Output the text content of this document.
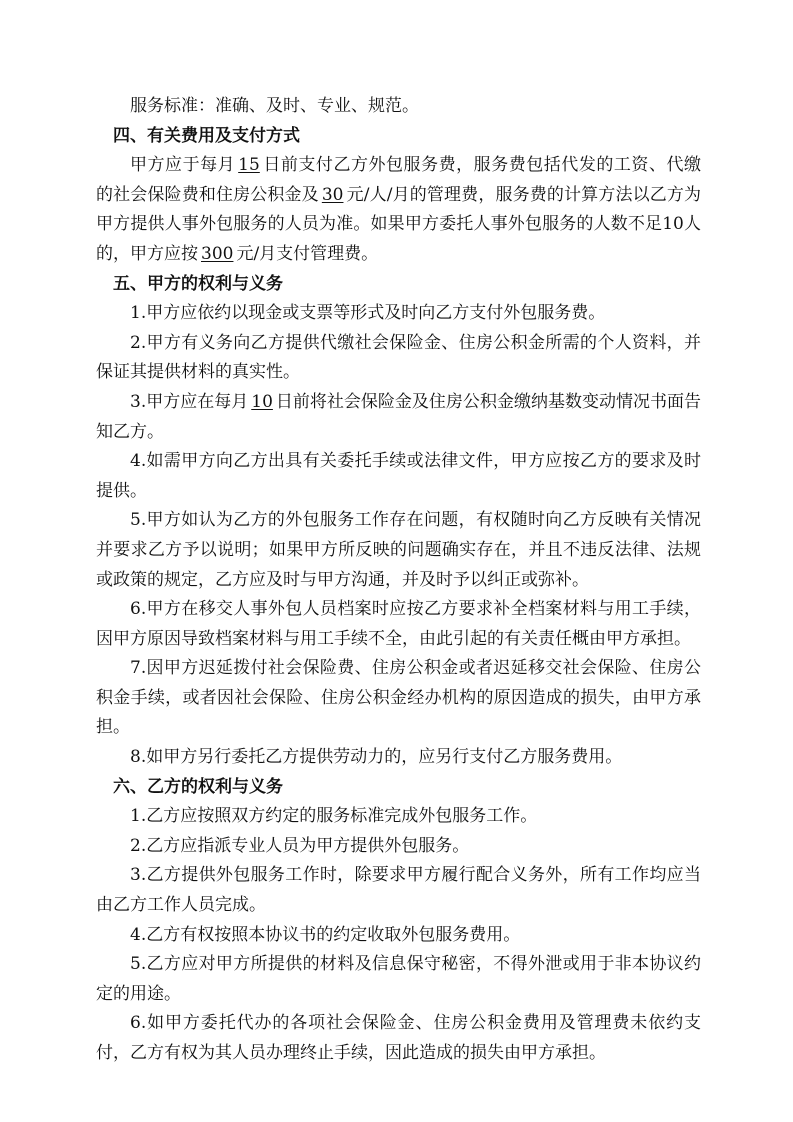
服务标准：准确、及时、专业、规范。

四、有关费用及支付方式

甲方应于每月 15 日前支付乙方外包服务费，服务费包括代发的工资、代缴的社会保险费和住房公积金及 30 元/人/月的管理费，服务费的计算方法以乙方为甲方提供人事外包服务的人员为准。如果甲方委托人事外包服务的人数不足10人的，甲方应按 300 元/月支付管理费。

五、甲方的权利与义务

1.甲方应依约以现金或支票等形式及时向乙方支付外包服务费。

2.甲方有义务向乙方提供代缴社会保险金、住房公积金所需的个人资料，并保证其提供材料的真实性。

3.甲方应在每月 10 日前将社会保险金及住房公积金缴纳基数变动情况书面告知乙方。

4.如需甲方向乙方出具有关委托手续或法律文件，甲方应按乙方的要求及时提供。

5.甲方如认为乙方的外包服务工作存在问题，有权随时向乙方反映有关情况并要求乙方予以说明；如果甲方所反映的问题确实存在，并且不违反法律、法规或政策的规定，乙方应及时与甲方沟通，并及时予以纠正或弥补。

6.甲方在移交人事外包人员档案时应按乙方要求补全档案材料与用工手续，因甲方原因导致档案材料与用工手续不全，由此引起的有关责任概由甲方承担。

7.因甲方迟延拨付社会保险费、住房公积金或者迟延移交社会保险、住房公积金手续，或者因社会保险、住房公积金经办机构的原因造成的损失，由甲方承担。

8.如甲方另行委托乙方提供劳动力的，应另行支付乙方服务费用。

六、乙方的权利与义务

1.乙方应按照双方约定的服务标准完成外包服务工作。

2.乙方应指派专业人员为甲方提供外包服务。

3.乙方提供外包服务工作时，除要求甲方履行配合义务外，所有工作均应当由乙方工作人员完成。

4.乙方有权按照本协议书的约定收取外包服务费用。

5.乙方应对甲方所提供的材料及信息保守秘密，不得外泄或用于非本协议约定的用途。

6.如甲方委托代办的各项社会保险金、住房公积金费用及管理费未依约支付，乙方有权为其人员办理终止手续，因此造成的损失由甲方承担。
